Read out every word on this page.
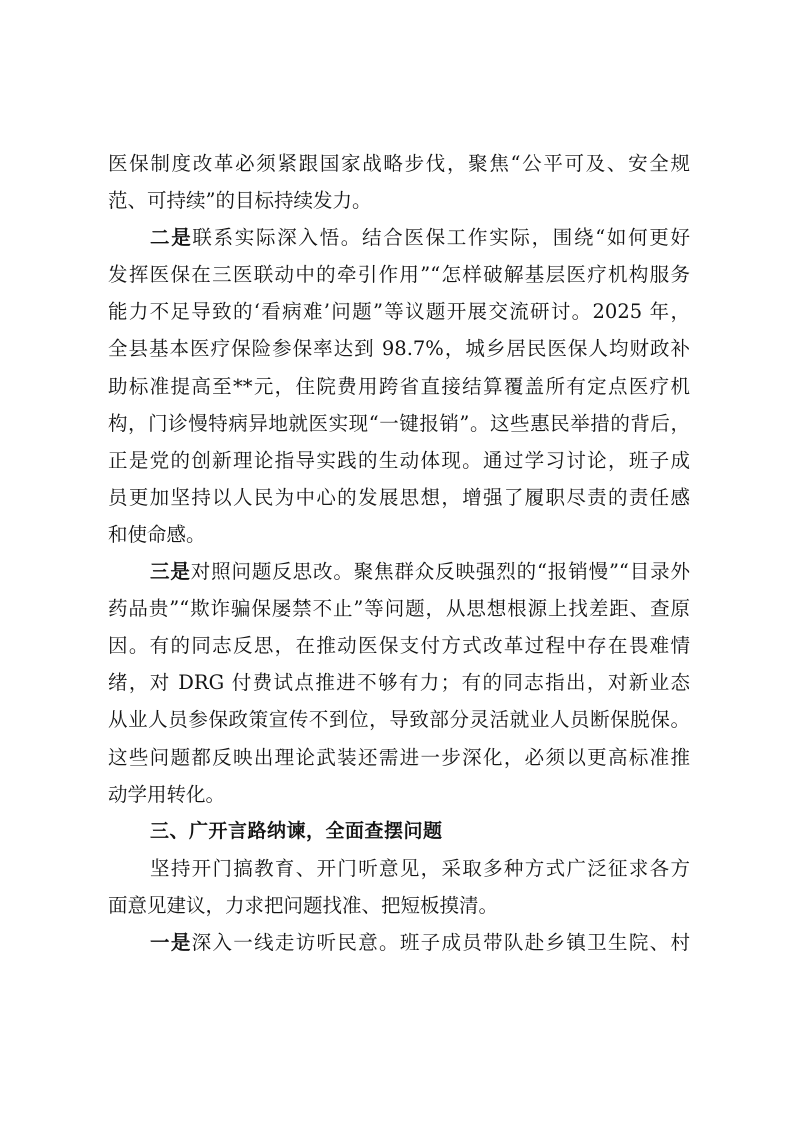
医保制度改革必须紧跟国家战略步伐，聚焦“公平可及、安全规
范、可持续”的目标持续发力。
二是联系实际深入悟。结合医保工作实际，围绕“如何更好
发挥医保在三医联动中的牵引作用”“怎样破解基层医疗机构服务
能力不足导致的‘看病难’问题”等议题开展交流研讨。2025 年，
全县基本医疗保险参保率达到 98.7%，城乡居民医保人均财政补
助标准提高至**元，住院费用跨省直接结算覆盖所有定点医疗机
构，门诊慢特病异地就医实现“一键报销”。这些惠民举措的背后，
正是党的创新理论指导实践的生动体现。通过学习讨论，班子成
员更加坚持以人民为中心的发展思想，增强了履职尽责的责任感
和使命感。
三是对照问题反思改。聚焦群众反映强烈的“报销慢”“目录外
药品贵”“欺诈骗保屡禁不止”等问题，从思想根源上找差距、查原
因。有的同志反思，在推动医保支付方式改革过程中存在畏难情
绪，对 DRG 付费试点推进不够有力；有的同志指出，对新业态
从业人员参保政策宣传不到位，导致部分灵活就业人员断保脱保。
这些问题都反映出理论武装还需进一步深化，必须以更高标准推
动学用转化。
三、广开言路纳谏，全面查摆问题
坚持开门搞教育、开门听意见，采取多种方式广泛征求各方
面意见建议，力求把问题找准、把短板摸清。
一是深入一线走访听民意。班子成员带队赴乡镇卫生院、村
